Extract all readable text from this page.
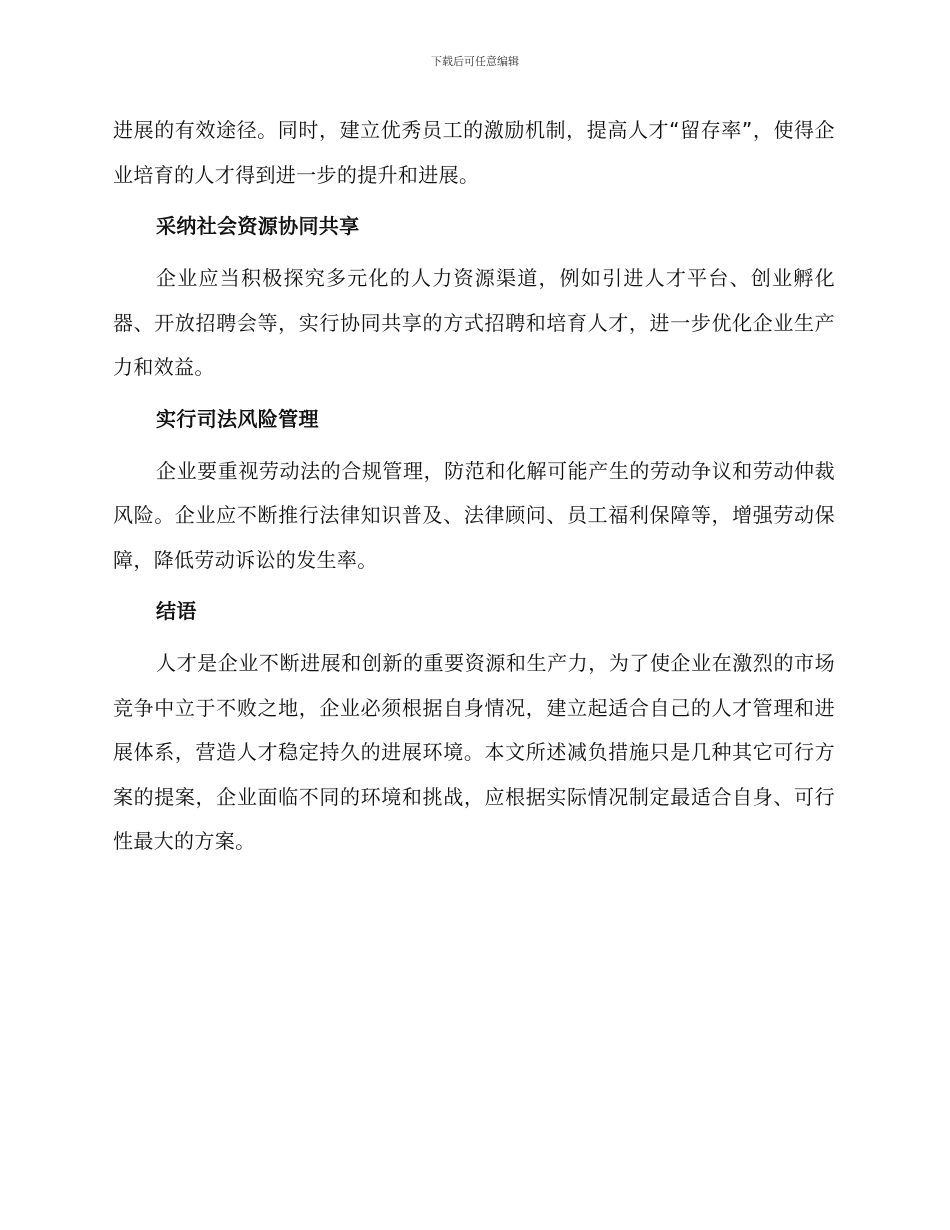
下载后可任意编辑

进展的有效途径。同时，建立优秀员工的激励机制，提高人才“留存率”，使得企业培育的人才得到进一步的提升和进展。

采纳社会资源协同共享

企业应当积极探究多元化的人力资源渠道，例如引进人才平台、创业孵化器、开放招聘会等，实行协同共享的方式招聘和培育人才，进一步优化企业生产力和效益。

实行司法风险管理

企业要重视劳动法的合规管理，防范和化解可能产生的劳动争议和劳动仲裁风险。企业应不断推行法律知识普及、法律顾问、员工福利保障等，增强劳动保障，降低劳动诉讼的发生率。

结语

人才是企业不断进展和创新的重要资源和生产力，为了使企业在激烈的市场竞争中立于不败之地，企业必须根据自身情况，建立起适合自己的人才管理和进展体系，营造人才稳定持久的进展环境。本文所述减负措施只是几种其它可行方案的提案，企业面临不同的环境和挑战，应根据实际情况制定最适合自身、可行性最大的方案。
